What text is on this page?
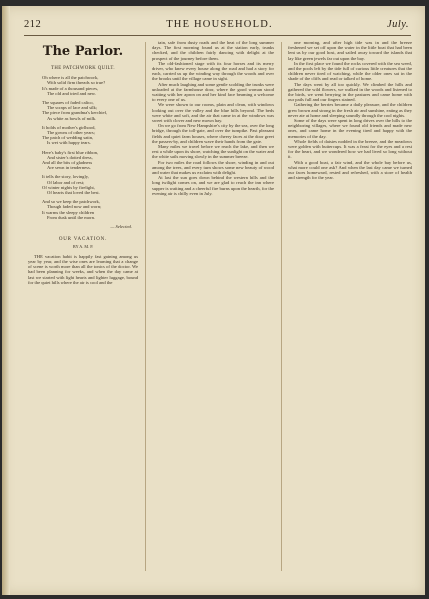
212	THE HOUSEHOLD.	July.
The Parlor.
THE PATCHWORK QUILT.
Oh where is all the patchwork,
With solid firm threads so true?
It's made of a thousand pieces,
The old and tried and new.
The squares of faded calico,
The scraps of lace and silk;
The piece from grandma's kerchief,
As white as bowls of milk.
It holds of mother's girlhood,
The gowns of other years;
The patch of wedding satin,
Is wet with happy tears.
Here's baby's first blue ribbon,
And sister's dotted dress,
And all the bits of gladness
Are sewn in tenderness.
It tells the story, lovingly,
Of labor and of rest;
Of winter nights by firelight,
Of hearts that loved the best.
And so we keep the patchwork,
Though faded now and worn;
It warms the sleepy children
From dusk until the morn.
— Selected.
OUR VACATION.
BY A. M. P.

THE vacation habit is happily fast gaining among us year by year, and the wise ones are learning that a change of scene is worth more than all the tonics of the doctor. We had been planning for weeks, and when the day came at last we started with light hearts and lighter luggage, bound for the quiet hills where the air is cool and the

tain, safe from dusty roads and the heat of the long summer days. The first morning found us at the station early, trunks checked, and the children fairly dancing with delight at the prospect of the journey before them.

The old-fashioned stage with its four horses and its merry driver, who knew every house along the road and had a story for each, carried us up the winding way through the woods and over the brooks until the village came in sight.

After much laughing and some gentle scolding the trunks were unloaded at the farmhouse door, where the good woman stood waiting with her apron on and her kind face beaming a welcome to every one of us.

We were shown to our rooms, plain and clean, with windows looking out over the valley and the blue hills beyond. The beds were white and soft, and the air that came in at the windows was sweet with clover and new mown hay.

On we go from New Hampshire's city by the sea, over the long bridge, through the toll-gate, and over the turnpike. Past pleasant fields and quiet farm houses, where cheery faces at the door greet the passers-by, and children wave their hands from the gate.

Many miles we travel before we reach the lake, and then we rest a while upon its shore, watching the sunlight on the water and the white sails moving slowly in the summer breeze.

For two miles the road follows the shore, winding in and out among the trees, and every turn shows some new beauty of wood and water that makes us exclaim with delight.

At last the sun goes down behind the western hills and the long twilight comes on, and we are glad to reach the inn where supper is waiting and a cheerful fire burns upon the hearth, for the evening air is chilly even in July.

one morning, and after high tide was in and the breeze freshened we set off upon the water in the little boat that had been lent us by our good host, and sailed away toward the islands that lay like green jewels far out upon the bay.

In the first place we found the rocks covered with the sea weed, and the pools left by the tide full of curious little creatures that the children never tired of watching, while the older ones sat in the shade of the cliffs and read or talked of home.

The days went by all too quickly. We climbed the hills and gathered the wild flowers, we walked in the woods and listened to the birds, we went berrying in the pastures and came home with our pails full and our fingers stained.

Gathering the berries became a daily pleasure, and the children grew brown and strong in the fresh air and sunshine, eating as they never ate at home and sleeping soundly through the cool nights.

Some of the days were spent in long drives over the hills to the neighboring villages, where we found old friends and made new ones, and came home in the evening tired and happy with the memories of the day.

Whole fields of daisies nodded in the breeze, and the meadows were golden with buttercups. It was a feast for the eyes and a rest for the heart, and we wondered how we had lived so long without it.

With a good boat, a fair wind, and the whole bay before us, what more could one ask? And when the last day came we turned our faces homeward, rested and refreshed, with a store of health and strength for the year.
